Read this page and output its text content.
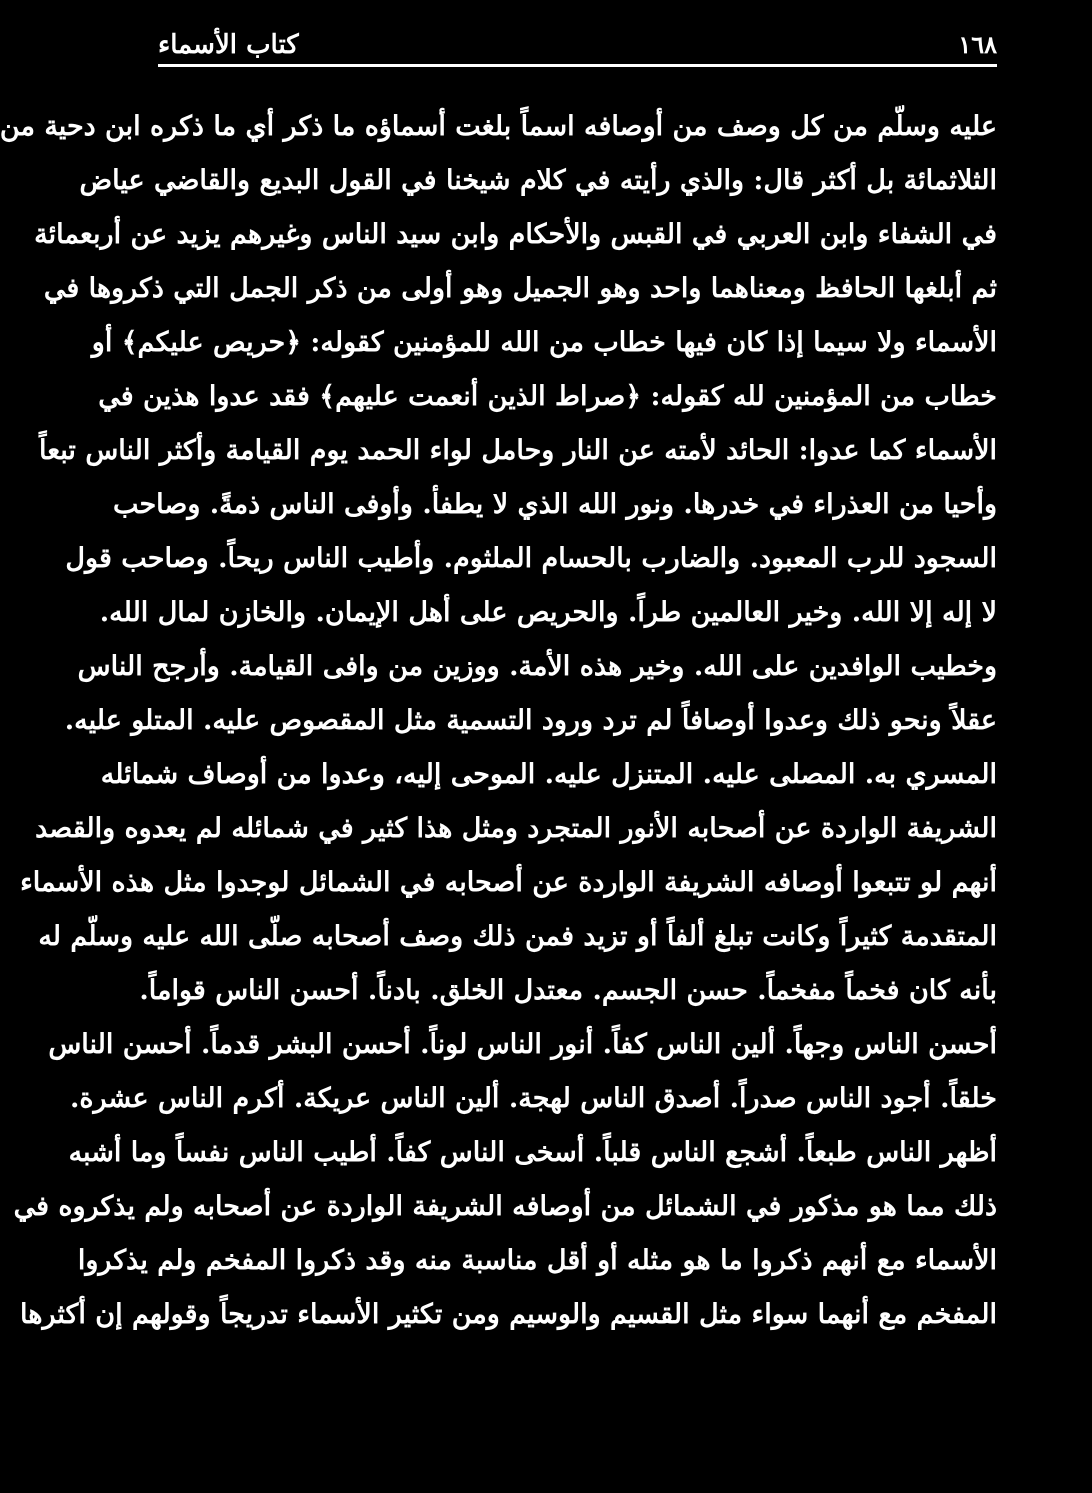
١٦٨
كتاب الأسماء
عليه وسلّم من كل وصف من أوصافه اسماً بلغت أسماؤه ما ذكر أي ما ذكره ابن دحية من
الثلاثمائة بل أكثر قال: والذي رأيته في كلام شيخنا في القول البديع والقاضي عياض
في الشفاء وابن العربي في القبس والأحكام وابن سيد الناس وغيرهم يزيد عن أربعمائة
ثم أبلغها الحافظ ومعناهما واحد وهو الجميل وهو أولى من ذكر الجمل التي ذكروها في
الأسماء ولا سيما إذا كان فيها خطاب من الله للمؤمنين كقوله: ﴿حريص عليكم﴾ أو
خطاب من المؤمنين لله كقوله: ﴿صراط الذين أنعمت عليهم﴾ فقد عدوا هذين في
الأسماء كما عدوا: الحائد لأمته عن النار وحامل لواء الحمد يوم القيامة وأكثر الناس تبعاً
وأحيا من العذراء في خدرها. ونور الله الذي لا يطفأ. وأوفى الناس ذمةً. وصاحب
السجود للرب المعبود. والضارب بالحسام الملثوم. وأطيب الناس ريحاً. وصاحب قول
لا إله إلا الله. وخير العالمين طراً. والحريص على أهل الإيمان. والخازن لمال الله.
وخطيب الوافدين على الله. وخير هذه الأمة. ووزين من وافى القيامة. وأرجح الناس
عقلاً ونحو ذلك وعدوا أوصافاً لم ترد ورود التسمية مثل المقصوص عليه. المتلو عليه.
المسري به. المصلى عليه. المتنزل عليه. الموحى إليه، وعدوا من أوصاف شمائله
الشريفة الواردة عن أصحابه الأنور المتجرد ومثل هذا كثير في شمائله لم يعدوه والقصد
أنهم لو تتبعوا أوصافه الشريفة الواردة عن أصحابه في الشمائل لوجدوا مثل هذه الأسماء
المتقدمة كثيراً وكانت تبلغ ألفاً أو تزيد فمن ذلك وصف أصحابه صلّى الله عليه وسلّم له
بأنه كان فخماً مفخماً. حسن الجسم. معتدل الخلق. بادناً. أحسن الناس قواماً.
أحسن الناس وجهاً. ألين الناس كفاً. أنور الناس لوناً. أحسن البشر قدماً. أحسن الناس
خلقاً. أجود الناس صدراً. أصدق الناس لهجة. ألين الناس عريكة. أكرم الناس عشرة.
أظهر الناس طبعاً. أشجع الناس قلباً. أسخى الناس كفاً. أطيب الناس نفساً وما أشبه
ذلك مما هو مذكور في الشمائل من أوصافه الشريفة الواردة عن أصحابه ولم يذكروه في
الأسماء مع أنهم ذكروا ما هو مثله أو أقل مناسبة منه وقد ذكروا المفخم ولم يذكروا
المفخم مع أنهما سواء مثل القسيم والوسيم ومن تكثير الأسماء تدريجاً وقولهم إن أكثرها
